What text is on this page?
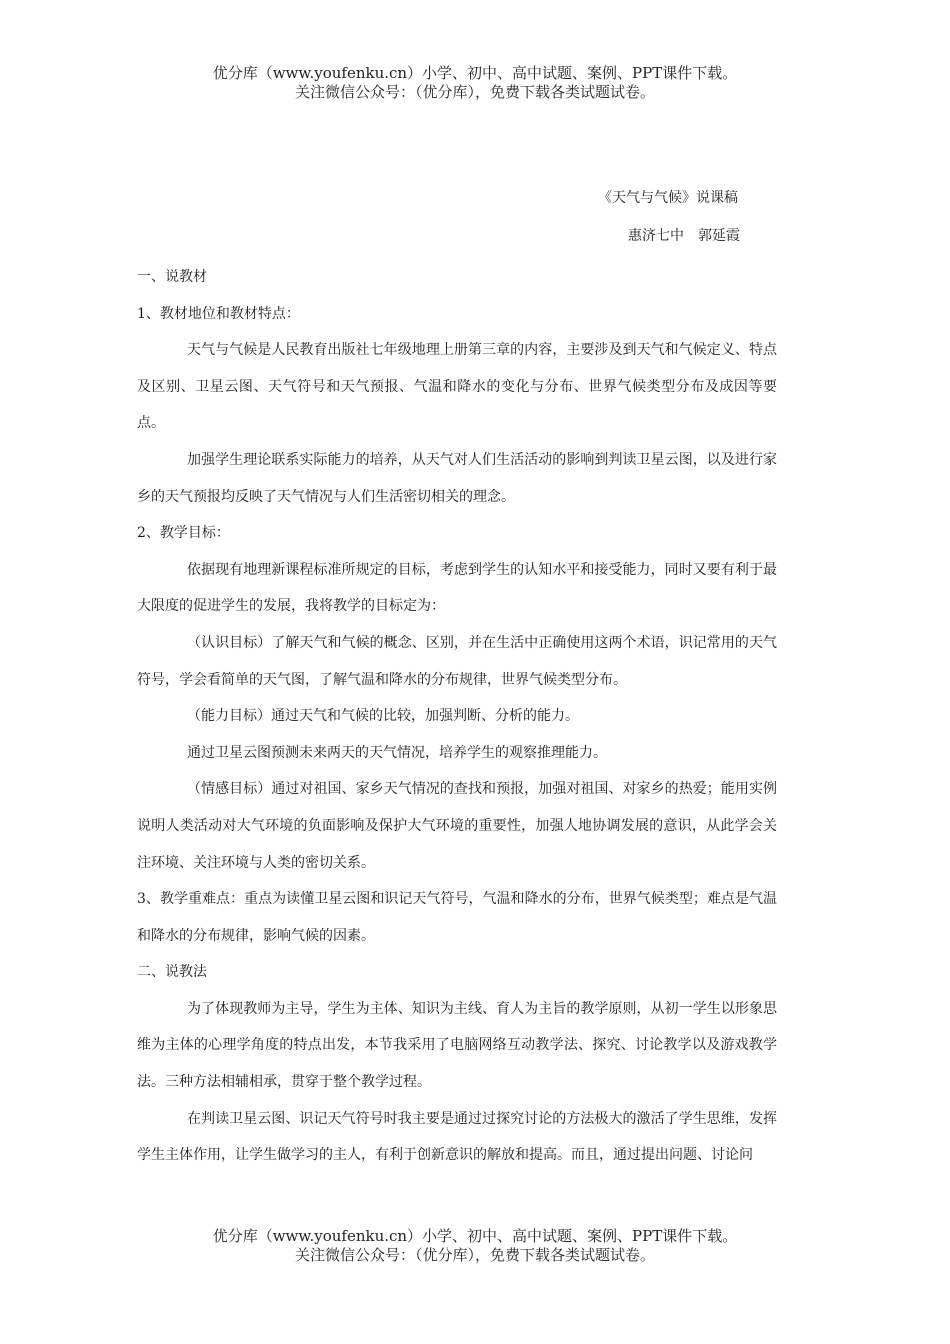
优分库（www.youfenku.cn）小学、初中、高中试题、案例、PPT课件下载。
关注微信公众号：（优分库），免费下载各类试题试卷。
《天气与气候》说课稿
惠济七中 郭延霞

一、说教材

1、教材地位和教材特点：

天气与气候是人民教育出版社七年级地理上册第三章的内容，主要涉及到天气和气候定义、特点及区别、卫星云图、天气符号和天气预报、气温和降水的变化与分布、世界气候类型分布及成因等要点。

加强学生理论联系实际能力的培养，从天气对人们生活活动的影响到判读卫星云图，以及进行家乡的天气预报均反映了天气情况与人们生活密切相关的理念。

2、教学目标：

依据现有地理新课程标准所规定的目标，考虑到学生的认知水平和接受能力，同时又要有利于最大限度的促进学生的发展，我将教学的目标定为：

（认识目标）了解天气和气候的概念、区别，并在生活中正确使用这两个术语，识记常用的天气符号，学会看简单的天气图，了解气温和降水的分布规律，世界气候类型分布。

（能力目标）通过天气和气候的比较，加强判断、分析的能力。

通过卫星云图预测未来两天的天气情况，培养学生的观察推理能力。

（情感目标）通过对祖国、家乡天气情况的查找和预报，加强对祖国、对家乡的热爱；能用实例说明人类活动对大气环境的负面影响及保护大气环境的重要性，加强人地协调发展的意识，从此学会关注环境、关注环境与人类的密切关系。

3、教学重难点：重点为读懂卫星云图和识记天气符号，气温和降水的分布，世界气候类型；难点是气温和降水的分布规律，影响气候的因素。

二、说教法

为了体现教师为主导，学生为主体、知识为主线、育人为主旨的教学原则，从初一学生以形象思维为主体的心理学角度的特点出发，本节我采用了电脑网络互动教学法、探究、讨论教学以及游戏教学法。三种方法相辅相承，贯穿于整个教学过程。

在判读卫星云图、识记天气符号时我主要是通过过探究讨论的方法极大的激活了学生思维，发挥学生主体作用，让学生做学习的主人，有利于创新意识的解放和提高。而且，通过提出问题、讨论问

优分库（www.youfenku.cn）小学、初中、高中试题、案例、PPT课件下载。
关注微信公众号：（优分库），免费下载各类试题试卷。
